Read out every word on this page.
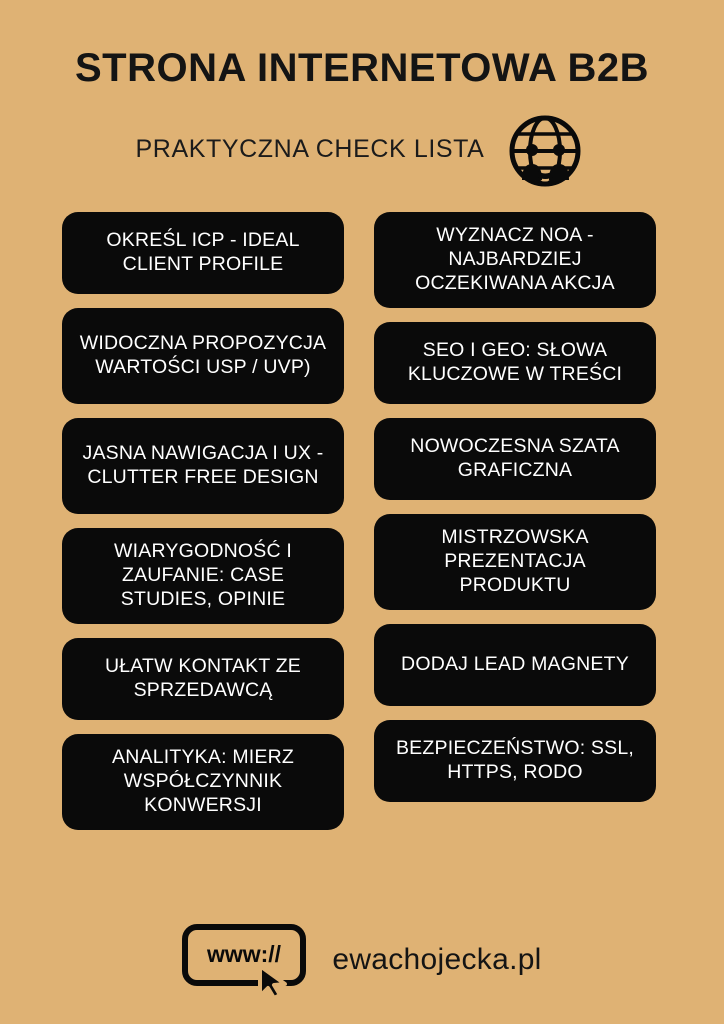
STRONA INTERNETOWA B2B
PRAKTYCZNA CHECK LISTA
OKREŚL ICP - IDEAL CLIENT PROFILE
WIDOCZNA PROPOZYCJA WARTOŚCI USP / UVP)
JASNA NAWIGACJA I UX - CLUTTER FREE DESIGN
WIARYGODNOŚĆ I ZAUFANIE: CASE STUDIES, OPINIE
UŁATW KONTAKT ZE SPRZEDAWCĄ
ANALITYKA: MIERZ WSPÓŁCZYNNIK KONWERSJI
WYZNACZ NOA - NAJBARDZIEJ OCZEKIWANA AKCJA
SEO I GEO: SŁOWA KLUCZOWE W TREŚCI
NOWOCZESNA SZATA GRAFICZNA
MISTRZOWSKA PREZENTACJA PRODUKTU
DODAJ LEAD MAGNETY
BEZPIECZEŃSTWO: SSL, HTTPS, RODO
www:// ewachojecka.pl
